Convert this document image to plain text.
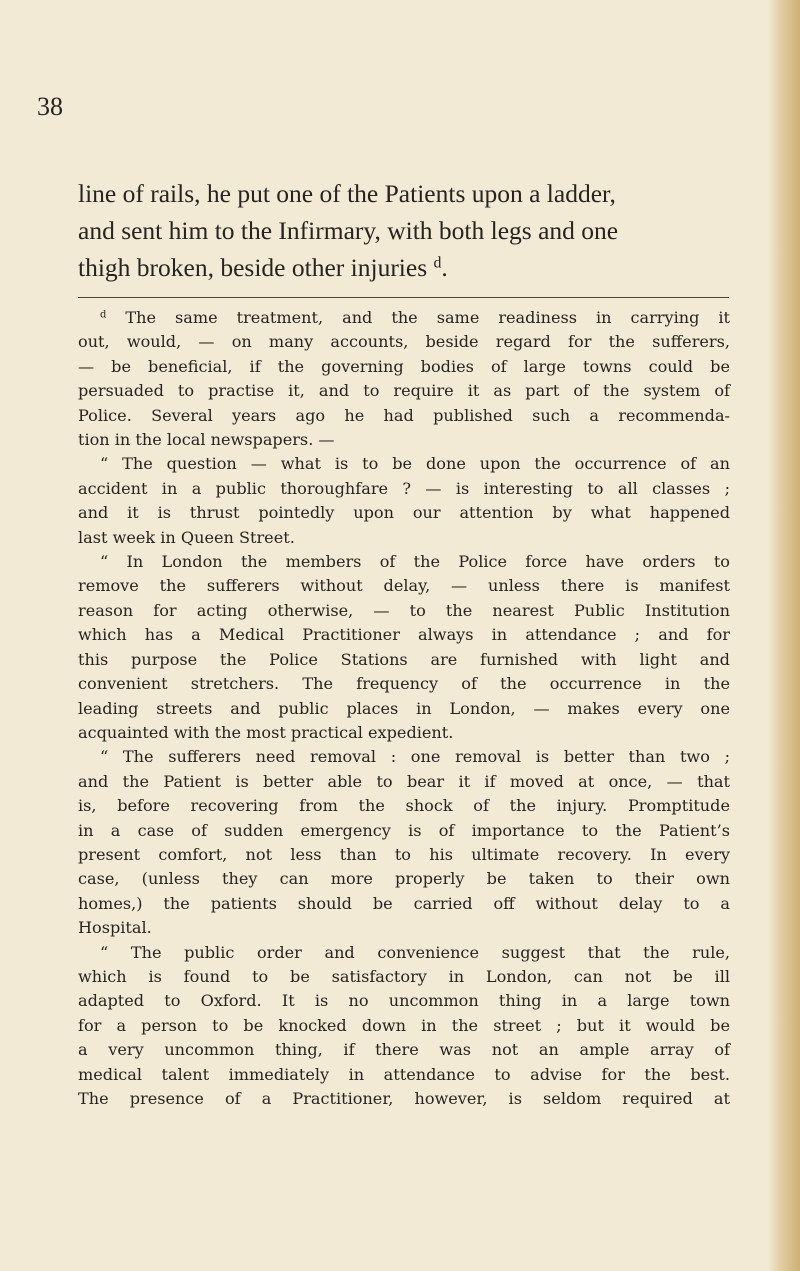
38
line of rails, he put one of the Patients upon a ladder,
and sent him to the Infirmary, with both legs and one
thigh broken, beside other injuries $^d$.
$^d$ The same treatment, and the same readiness in carrying it
out, would, — on many accounts, beside regard for the sufferers,
— be beneficial, if the governing bodies of large towns could be
persuaded to practise it, and to require it as part of the system of
Police. Several years ago he had published such a recommenda-
tion in the local newspapers. —
“ The question — what is to be done upon the occurrence of an
accident in a public thoroughfare ? — is interesting to all classes ;
and it is thrust pointedly upon our attention by what happened
last week in Queen Street.
“ In London the members of the Police force have orders to
remove the sufferers without delay, — unless there is manifest
reason for acting otherwise, — to the nearest Public Institution
which has a Medical Practitioner always in attendance ; and for
this purpose the Police Stations are furnished with light and
convenient stretchers. The frequency of the occurrence in the
leading streets and public places in London, — makes every one
acquainted with the most practical expedient.
“ The sufferers need removal : one removal is better than two ;
and the Patient is better able to bear it if moved at once, — that
is, before recovering from the shock of the injury. Promptitude
in a case of sudden emergency is of importance to the Patient’s
present comfort, not less than to his ultimate recovery. In every
case, (unless they can more properly be taken to their own
homes,) the patients should be carried off without delay to a
Hospital.
“ The public order and convenience suggest that the rule,
which is found to be satisfactory in London, can not be ill
adapted to Oxford. It is no uncommon thing in a large town
for a person to be knocked down in the street ; but it would be
a very uncommon thing, if there was not an ample array of
medical talent immediately in attendance to advise for the best.
The presence of a Practitioner, however, is seldom required at
